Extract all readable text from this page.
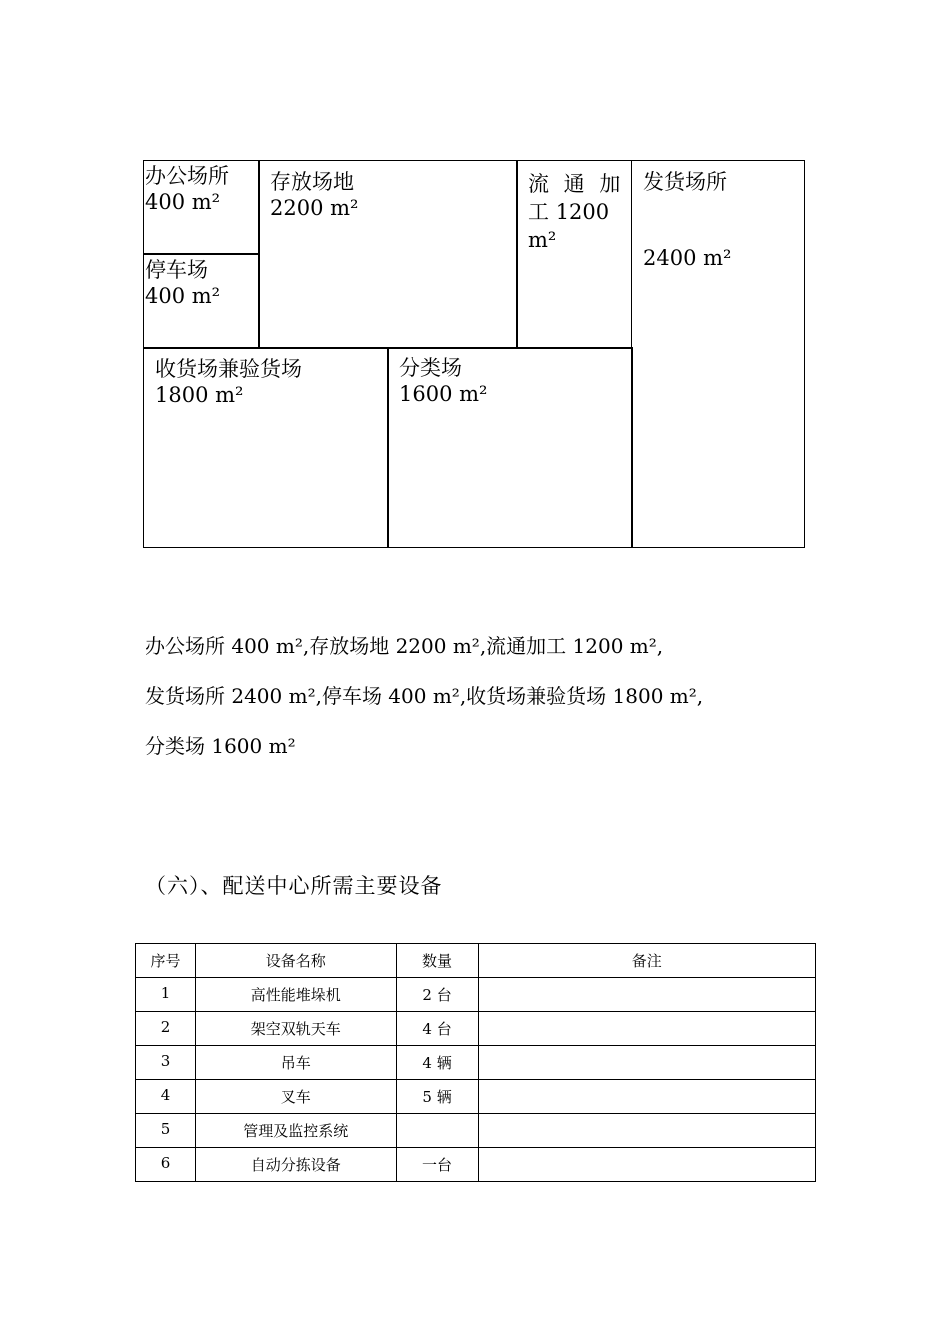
办公场所
400 m²
停车场
400 m²
存放场地
2200 m²
流 通 加 工 1200 m²
发货场所
2400 m²
收货场兼验货场
1800 m²
分类场
1600 m²
办公场所 400 m²,存放场地 2200 m²,流通加工 1200 m²,
发货场所 2400 m²,停车场 400 m²,收货场兼验货场 1800 m²,
分类场 1600 m²
（六）、配送中心所需主要设备
序号	设备名称	数量	备注
1	高性能堆垛机	2 台	
2	架空双轨天车	4 台	
3	吊车	4 辆	
4	叉车	5 辆	
5	管理及监控系统		
6	自动分拣设备	一台	
